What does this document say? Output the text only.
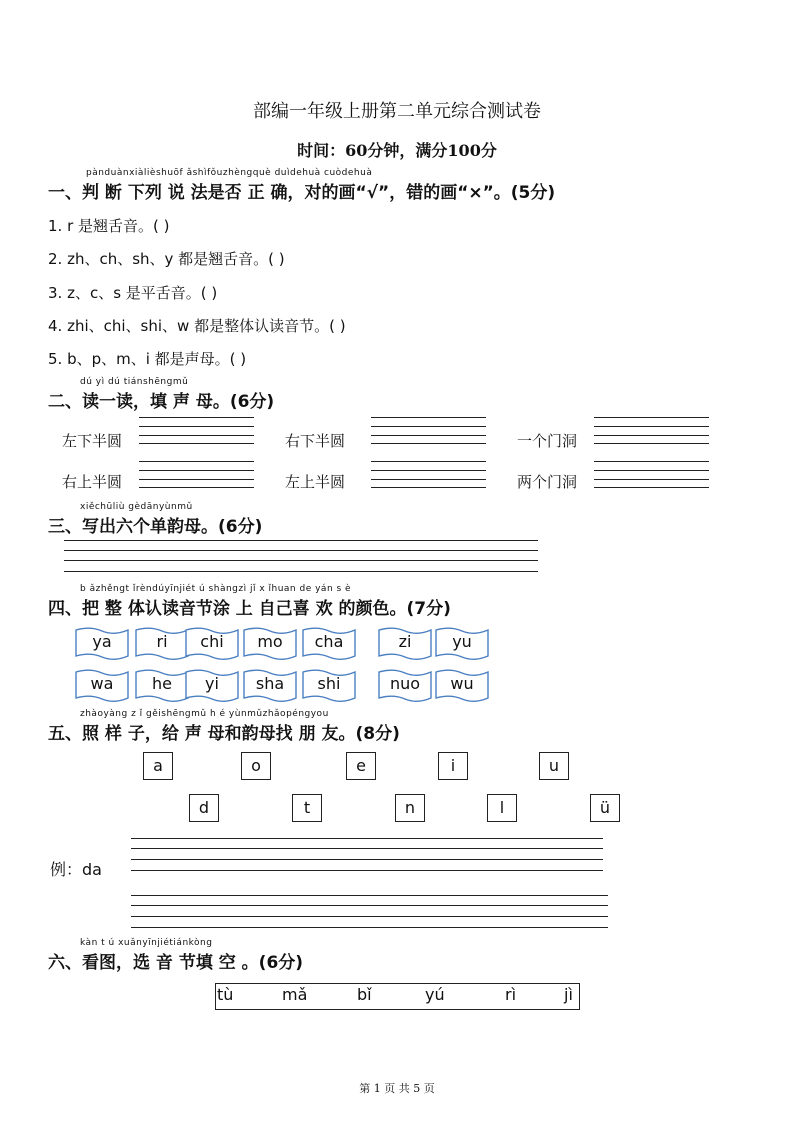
部编一年级上册第二单元综合测试卷
时间：60分钟，满分100分
pànduànxiàlièshuōf ǎshìfǒuzhèngquè duìdehuà cuòdehuà
一、判 断 下列 说 法是否 正 确，对的画“√”，错的画“×”。(5分)
1. r 是翘舌音。( )
2. zh、ch、sh、y 都是翘舌音。( )
3. z、c、s 是平舌音。( )
4. zhi、chi、shi、w 都是整体认读音节。( )
5. b、p、m、i 都是声母。( )
dú yì dú tiánshēngmǔ
二、读一读，填 声 母。(6分)
左下半圆	右下半圆	一个门洞
右上半圆	左上半圆	两个门洞
xiěchūliù gèdānyùnmǔ
三、写出六个单韵母。(6分)
b ǎzhěngt ǐrèndúyīnjiét ú shàngzì jǐ x ǐhuan de yán s è
四、把 整 体认读音节涂 上 自己喜 欢 的颜色。(7分)
ya	ri	chi	mo	cha	zi	yu
wa	he	yi	sha	shi	nuo	wu
zhàoyàng z ǐ gěishēngmǔ h é yùnmǔzhǎopéngyou
五、照 样 子，给 声 母和韵母找 朋 友。(8分)
a	o	e	i	u
d	t	n	l	ü
例：da
kàn t ú xuǎnyīnjiétiánkòng
六、看图，选 音 节填 空 。(6分)
tù	mǎ	bǐ	yú	rì	jì
第 1 页 共 5 页
